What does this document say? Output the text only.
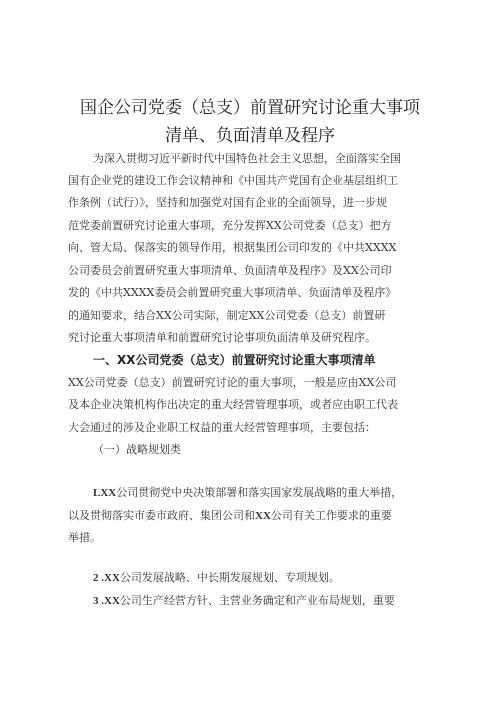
国企公司党委（总支）前置研究讨论重大事项
清单、负面清单及程序
为深入贯彻习近平新时代中国特色社会主义思想，全面落实全国
国有企业党的建设工作会议精神和《中国共产党国有企业基层组织工
作条例（试行）》，坚持和加强党对国有企业的全面领导，进一步规
范党委前置研究讨论重大事项，充分发挥XX公司党委（总支）把方
向、管大局、保落实的领导作用，根据集团公司印发的《中共XXXX
公司委员会前置研究重大事项清单、负面清单及程序》及XX公司印
发的《中共XXXX委员会前置研究重大事项清单、负面清单及程序》
的通知要求，结合XX公司实际，制定XX公司党委（总支）前置研
究讨论重大事项清单和前置研究讨论事项负面清单及研究程序。
一、XX公司党委（总支）前置研究讨论重大事项清单
XX公司党委（总支）前置研究讨论的重大事项，一般是应由XX公司
及本企业决策机构作出决定的重大经营管理事项，或者应由职工代表
大会通过的涉及企业职工权益的重大经营管理事项，主要包括：
（一）战略规划类
LXX公司贯彻党中央决策部署和落实国家发展战略的重大举措，
以及贯彻落实市委市政府、集团公司和XX公司有关工作要求的重要
举措。
2 .XX公司发展战略、中长期发展规划、专项规划。
3 .XX公司生产经营方针、主营业务确定和产业布局规划，重要
